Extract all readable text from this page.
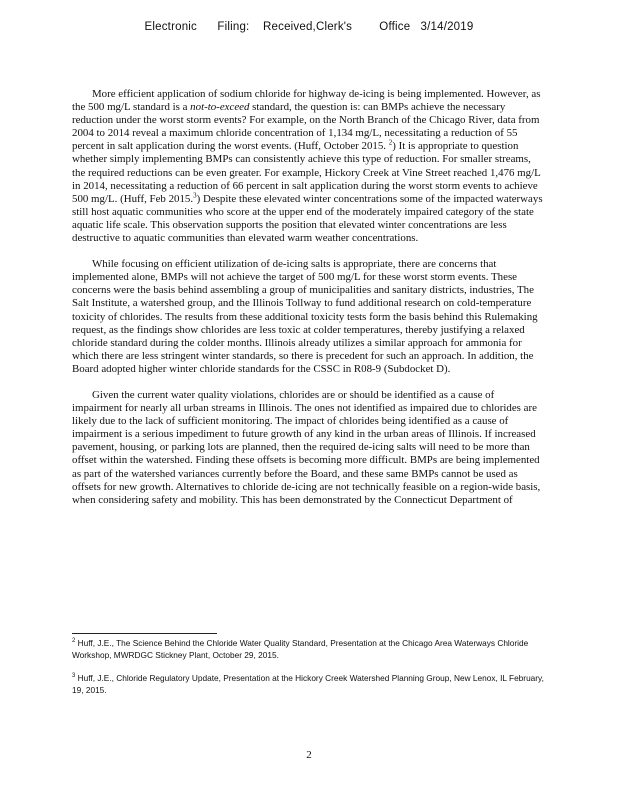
Electronic      Filing:    Received,Clerk's        Office   3/14/2019

More efficient application of sodium chloride for highway de-icing is being implemented. However, as the 500 mg/L standard is a not-to-exceed standard, the question is: can BMPs achieve the necessary reduction under the worst storm events? For example, on the North Branch of the Chicago River, data from 2004 to 2014 reveal a maximum chloride concentration of 1,134 mg/L, necessitating a reduction of 55 percent in salt application during the worst events. (Huff, October 2015. $^2$) It is appropriate to question whether simply implementing BMPs can consistently achieve this type of reduction. For smaller streams, the required reductions can be even greater. For example, Hickory Creek at Vine Street reached 1,476 mg/L in 2014, necessitating a reduction of 66 percent in salt application during the worst storm events to achieve 500 mg/L. (Huff, Feb 2015.$^3$) Despite these elevated winter concentrations some of the impacted waterways still host aquatic communities who score at the upper end of the moderately impaired category of the state aquatic life scale. This observation supports the position that elevated winter concentrations are less destructive to aquatic communities than elevated warm weather concentrations.

While focusing on efficient utilization of de-icing salts is appropriate, there are concerns that implemented alone, BMPs will not achieve the target of 500 mg/L for these worst storm events. These concerns were the basis behind assembling a group of municipalities and sanitary districts, industries, The Salt Institute, a watershed group, and the Illinois Tollway to fund additional research on cold-temperature toxicity of chlorides. The results from these additional toxicity tests form the basis behind this Rulemaking request, as the findings show chlorides are less toxic at colder temperatures, thereby justifying a relaxed chloride standard during the colder months. Illinois already utilizes a similar approach for ammonia for which there are less stringent winter standards, so there is precedent for such an approach. In addition, the Board adopted higher winter chloride standards for the CSSC in R08-9 (Subdocket D).

Given the current water quality violations, chlorides are or should be identified as a cause of impairment for nearly all urban streams in Illinois. The ones not identified as impaired due to chlorides are likely due to the lack of sufficient monitoring. The impact of chlorides being identified as a cause of impairment is a serious impediment to future growth of any kind in the urban areas of Illinois. If increased pavement, housing, or parking lots are planned, then the required de-icing salts will need to be more than offset within the watershed. Finding these offsets is becoming more difficult. BMPs are being implemented as part of the watershed variances currently before the Board, and these same BMPs cannot be used as offsets for new growth. Alternatives to chloride de-icing are not technically feasible on a region-wide basis, when considering safety and mobility. This has been demonstrated by the Connecticut Department of

$^2$ Huff, J.E., The Science Behind the Chloride Water Quality Standard, Presentation at the Chicago Area Waterways Chloride Workshop, MWRDGC Stickney Plant, October 29, 2015.

$^3$ Huff, J.E., Chloride Regulatory Update, Presentation at the Hickory Creek Watershed Planning Group, New Lenox, IL February, 19, 2015.

2
